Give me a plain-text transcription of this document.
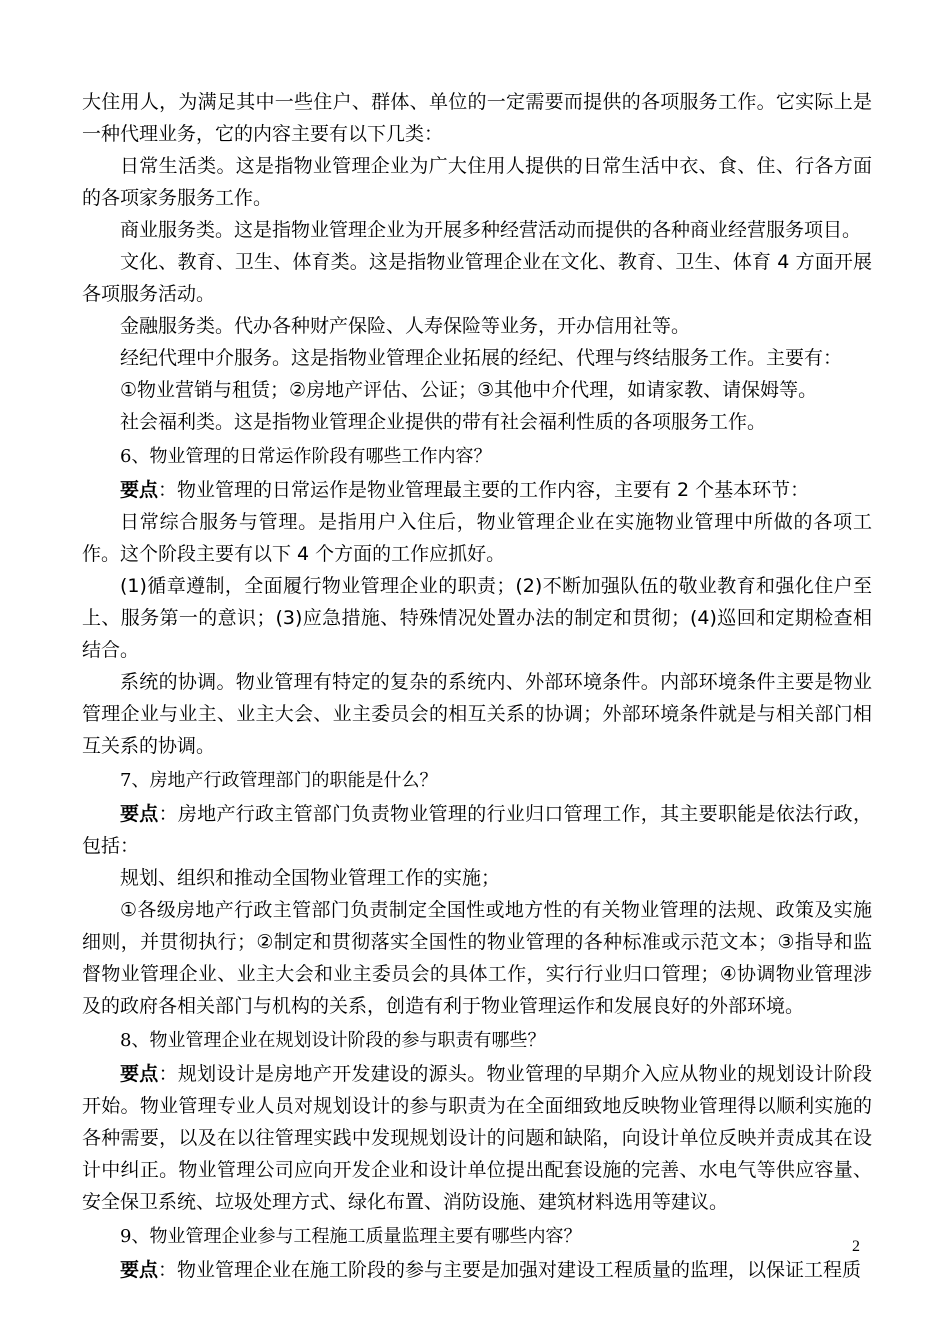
大住用人，为满足其中一些住户、群体、单位的一定需要而提供的各项服务工作。它实际上是一种代理业务，它的内容主要有以下几类：

日常生活类。这是指物业管理企业为广大住用人提供的日常生活中衣、食、住、行各方面的各项家务服务工作。

商业服务类。这是指物业管理企业为开展多种经营活动而提供的各种商业经营服务项目。

文化、教育、卫生、体育类。这是指物业管理企业在文化、教育、卫生、体育 4 方面开展各项服务活动。

金融服务类。代办各种财产保险、人寿保险等业务，开办信用社等。

经纪代理中介服务。这是指物业管理企业拓展的经纪、代理与终结服务工作。主要有：

①物业营销与租赁；②房地产评估、公证；③其他中介代理，如请家教、请保姆等。

社会福利类。这是指物业管理企业提供的带有社会福利性质的各项服务工作。

6、物业管理的日常运作阶段有哪些工作内容？

要点：物业管理的日常运作是物业管理最主要的工作内容，主要有 2 个基本环节：

日常综合服务与管理。是指用户入住后，物业管理企业在实施物业管理中所做的各项工作。这个阶段主要有以下 4 个方面的工作应抓好。

(1)循章遵制，全面履行物业管理企业的职责；(2)不断加强队伍的敬业教育和强化住户至上、服务第一的意识；(3)应急措施、特殊情况处置办法的制定和贯彻；(4)巡回和定期检查相结合。

系统的协调。物业管理有特定的复杂的系统内、外部环境条件。内部环境条件主要是物业管理企业与业主、业主大会、业主委员会的相互关系的协调；外部环境条件就是与相关部门相互关系的协调。

7、房地产行政管理部门的职能是什么？

要点：房地产行政主管部门负责物业管理的行业归口管理工作，其主要职能是依法行政，包括：

规划、组织和推动全国物业管理工作的实施；

①各级房地产行政主管部门负责制定全国性或地方性的有关物业管理的法规、政策及实施细则，并贯彻执行；②制定和贯彻落实全国性的物业管理的各种标准或示范文本；③指导和监督物业管理企业、业主大会和业主委员会的具体工作，实行行业归口管理；④协调物业管理涉及的政府各相关部门与机构的关系，创造有利于物业管理运作和发展良好的外部环境。

8、物业管理企业在规划设计阶段的参与职责有哪些？

要点：规划设计是房地产开发建设的源头。物业管理的早期介入应从物业的规划设计阶段开始。物业管理专业人员对规划设计的参与职责为在全面细致地反映物业管理得以顺利实施的各种需要，以及在以往管理实践中发现规划设计的问题和缺陷，向设计单位反映并责成其在设计中纠正。物业管理公司应向开发企业和设计单位提出配套设施的完善、水电气等供应容量、安全保卫系统、垃圾处理方式、绿化布置、消防设施、建筑材料选用等建议。

9、物业管理企业参与工程施工质量监理主要有哪些内容？

要点：物业管理企业在施工阶段的参与主要是加强对建设工程质量的监理，以保证工程质

2
